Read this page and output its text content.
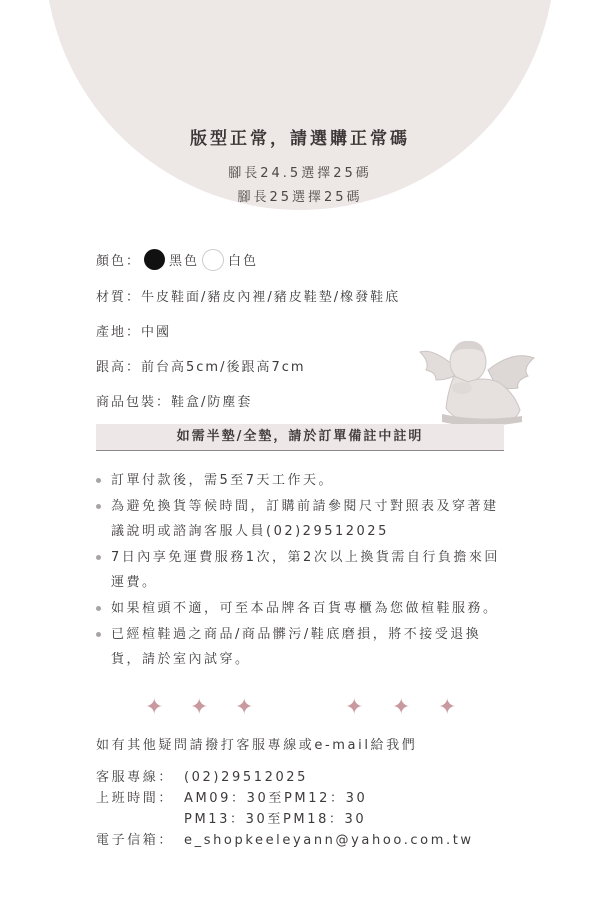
版型正常，請選購正常碼
腳長24.5選擇25碼
腳長25選擇25碼
顏色： 黑色 白色
材質：牛皮鞋面/豬皮內裡/豬皮鞋墊/橡發鞋底
產地：中國
跟高：前台高5cm/後跟高7cm
商品包裝：鞋盒/防塵套
如需半墊/全墊，請於訂單備註中註明
訂單付款後，需5至7天工作天。
為避免換貨等候時間，訂購前請參閱尺寸對照表及穿著建議說明或諮詢客服人員(02)29512025
7日內享免運費服務1次，第2次以上換貨需自行負擔來回運費。
如果楦頭不適，可至本品牌各百貨專櫃為您做楦鞋服務。
已經楦鞋過之商品/商品髒污/鞋底磨損，將不接受退換貨，請於室內試穿。
✦ ✦ ✦	✦ ✦ ✦
如有其他疑問請撥打客服專線或e-mail給我們
客服專線： (02)29512025
上班時間： AM09：30至PM12：30
PM13：30至PM18：30
電子信箱： e_shopkeeleyann@yahoo.com.tw
